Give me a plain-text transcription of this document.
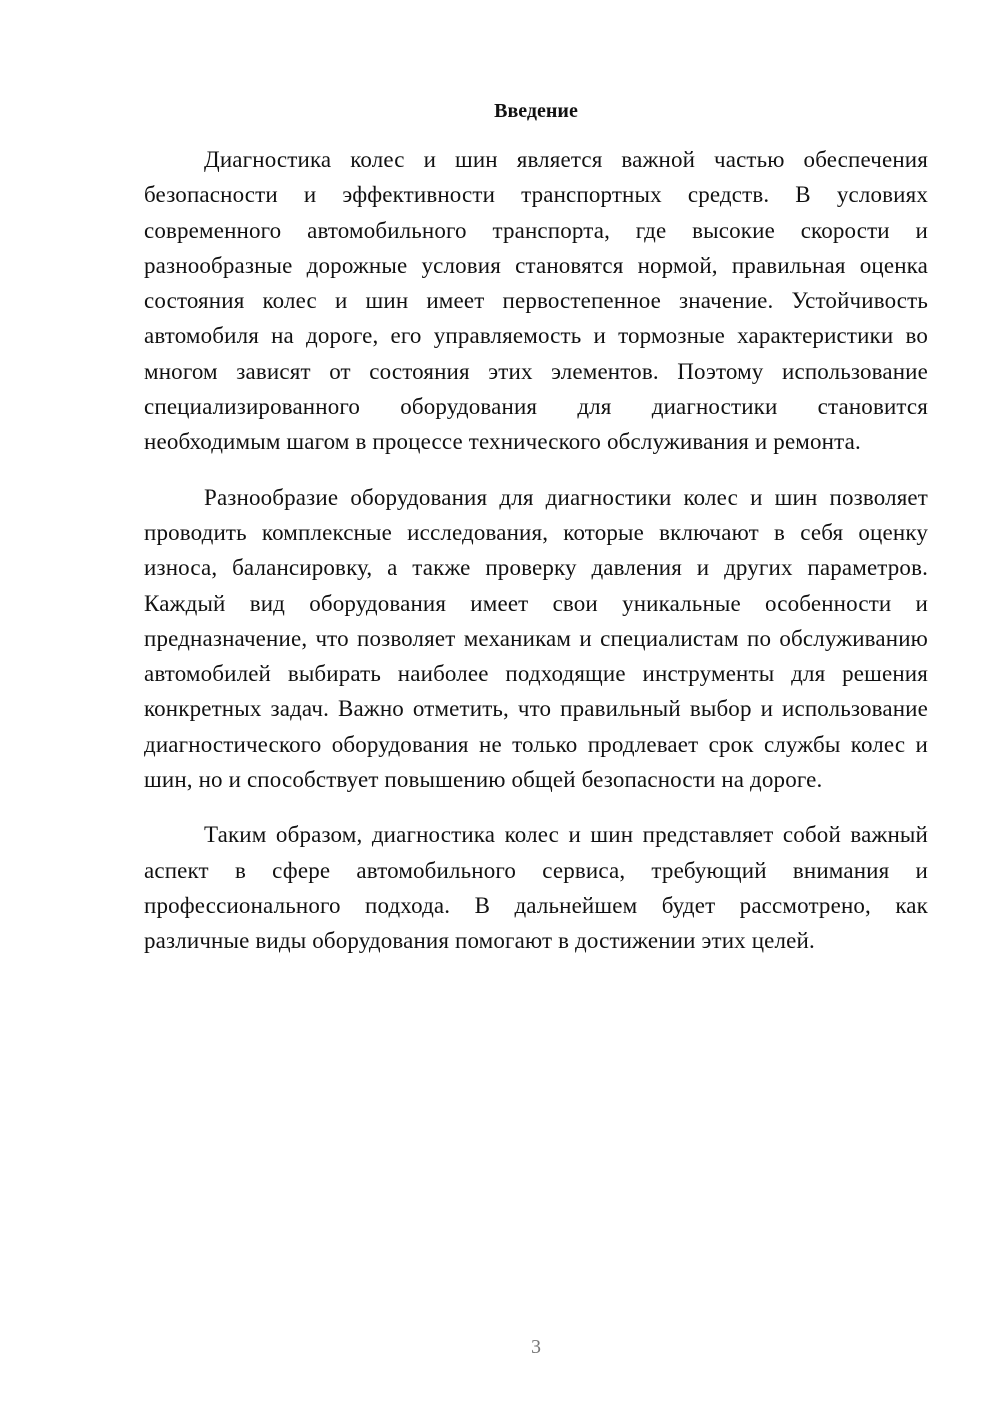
Введение

Диагностика колес и шин является важной частью обеспечения безопасности и эффективности транспортных средств. В условиях современного автомобильного транспорта, где высокие скорости и разнообразные дорожные условия становятся нормой, правильная оценка состояния колес и шин имеет первостепенное значение. Устойчивость автомобиля на дороге, его управляемость и тормозные характеристики во многом зависят от состояния этих элементов. Поэтому использование специализированного оборудования для диагностики становится необходимым шагом в процессе технического обслуживания и ремонта.

Разнообразие оборудования для диагностики колес и шин позволяет проводить комплексные исследования, которые включают в себя оценку износа, балансировку, а также проверку давления и других параметров. Каждый вид оборудования имеет свои уникальные особенности и предназначение, что позволяет механикам и специалистам по обслуживанию автомобилей выбирать наиболее подходящие инструменты для решения конкретных задач. Важно отметить, что правильный выбор и использование диагностического оборудования не только продлевает срок службы колес и шин, но и способствует повышению общей безопасности на дороге.

Таким образом, диагностика колес и шин представляет собой важный аспект в сфере автомобильного сервиса, требующий внимания и профессионального подхода. В дальнейшем будет рассмотрено, как различные виды оборудования помогают в достижении этих целей.

3
